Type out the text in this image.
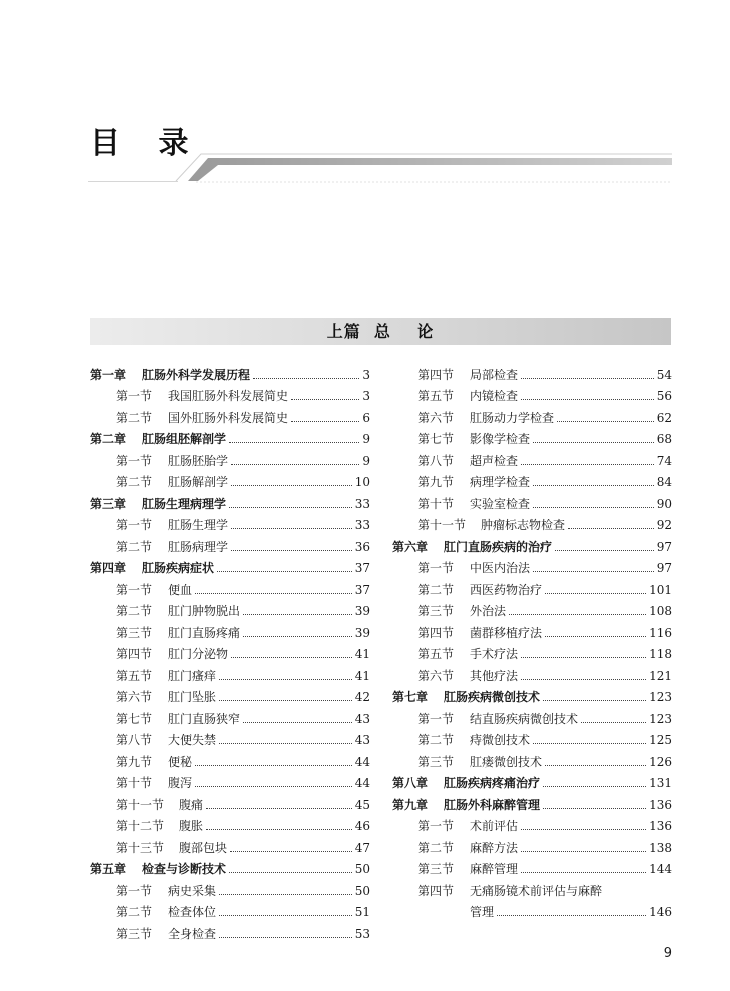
目 录
上篇  总    论
第一章	肛肠外科学发展历程	3
第一节	我国肛肠外科发展简史	3
第二节	国外肛肠外科发展简史	6
第二章	肛肠组胚解剖学	9
第一节	肛肠胚胎学	9
第二节	肛肠解剖学	10
第三章	肛肠生理病理学	33
第一节	肛肠生理学	33
第二节	肛肠病理学	36
第四章	肛肠疾病症状	37
第一节	便血	37
第二节	肛门肿物脱出	39
第三节	肛门直肠疼痛	39
第四节	肛门分泌物	41
第五节	肛门瘙痒	41
第六节	肛门坠胀	42
第七节	肛门直肠狭窄	43
第八节	大便失禁	43
第九节	便秘	44
第十节	腹泻	44
第十一节	腹痛	45
第十二节	腹胀	46
第十三节	腹部包块	47
第五章	检查与诊断技术	50
第一节	病史采集	50
第二节	检查体位	51
第三节	全身检查	53
第四节	局部检查	54
第五节	内镜检查	56
第六节	肛肠动力学检查	62
第七节	影像学检查	68
第八节	超声检查	74
第九节	病理学检查	84
第十节	实验室检查	90
第十一节	肿瘤标志物检查	92
第六章	肛门直肠疾病的治疗	97
第一节	中医内治法	97
第二节	西医药物治疗	101
第三节	外治法	108
第四节	菌群移植疗法	116
第五节	手术疗法	118
第六节	其他疗法	121
第七章	肛肠疾病微创技术	123
第一节	结直肠疾病微创技术	123
第二节	痔微创技术	125
第三节	肛瘘微创技术	126
第八章	肛肠疾病疼痛治疗	131
第九章	肛肠外科麻醉管理	136
第一节	术前评估	136
第二节	麻醉方法	138
第三节	麻醉管理	144
第四节	无痛肠镜术前评估与麻醉
管理	146
9
